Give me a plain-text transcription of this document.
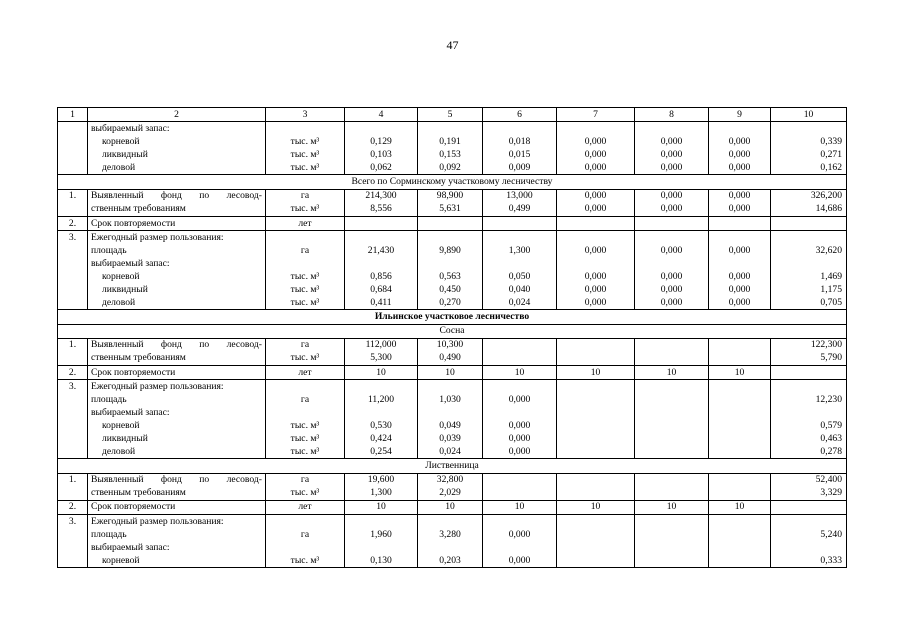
47
1	2	3	4	5	6	7	8	9	10
	выбираемый запас:								
	корневой	тыс. м³	0,129	0,191	0,018	0,000	0,000	0,000	0,339
	ликвидный	тыс. м³	0,103	0,153	0,015	0,000	0,000	0,000	0,271
	деловой	тыс. м³	0,062	0,092	0,009	0,000	0,000	0,000	0,162
Всего по Сорминскому участковому лесничеству									
1.	Выявленный фонд по лесовод-	га	214,300	98,900	13,000	0,000	0,000	0,000	326,200
	ственным требованиям	тыс. м³	8,556	5,631	0,499	0,000	0,000	0,000	14,686
2.	Срок повторяемости	лет							
3.	Ежегодный размер пользования:								
	площадь	га	21,430	9,890	1,300	0,000	0,000	0,000	32,620
	выбираемый запас:								
	корневой	тыс. м³	0,856	0,563	0,050	0,000	0,000	0,000	1,469
	ликвидный	тыс. м³	0,684	0,450	0,040	0,000	0,000	0,000	1,175
	деловой	тыс. м³	0,411	0,270	0,024	0,000	0,000	0,000	0,705
Ильинское участковое лесничество									
Сосна									
1.	Выявленный фонд по лесовод-	га	112,000	10,300					122,300
	ственным требованиям	тыс. м³	5,300	0,490					5,790
2.	Срок повторяемости	лет	10	10	10	10	10	10	
3.	Ежегодный размер пользования:								
	площадь	га	11,200	1,030	0,000				12,230
	выбираемый запас:								
	корневой	тыс. м³	0,530	0,049	0,000				0,579
	ликвидный	тыс. м³	0,424	0,039	0,000				0,463
	деловой	тыс. м³	0,254	0,024	0,000				0,278
Лиственница									
1.	Выявленный фонд по лесовод-	га	19,600	32,800					52,400
	ственным требованиям	тыс. м³	1,300	2,029					3,329
2.	Срок повторяемости	лет	10	10	10	10	10	10	
3.	Ежегодный размер пользования:								
	площадь	га	1,960	3,280	0,000				5,240
	выбираемый запас:								
	корневой	тыс. м³	0,130	0,203	0,000				0,333
